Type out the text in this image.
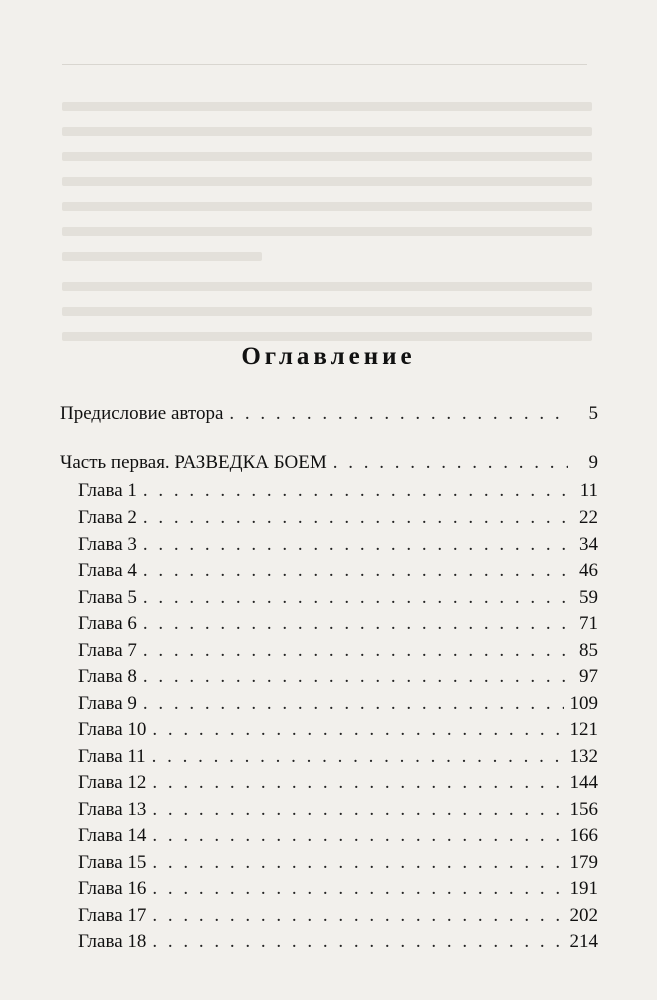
Оглавление
Предисловие автора . . .	5
Часть первая. РАЗВЕДКА БОЕМ . . .	9
Глава 1 . . .	11
Глава 2 . . .	22
Глава 3 . . .	34
Глава 4 . . .	46
Глава 5 . . .	59
Глава 6 . . .	71
Глава 7 . . .	85
Глава 8 . . .	97
Глава 9 . . .	109
Глава 10 . . .	121
Глава 11 . . .	132
Глава 12 . . .	144
Глава 13 . . .	156
Глава 14 . . .	166
Глава 15 . . .	179
Глава 16 . . .	191
Глава 17 . . .	202
Глава 18 . . .	214
